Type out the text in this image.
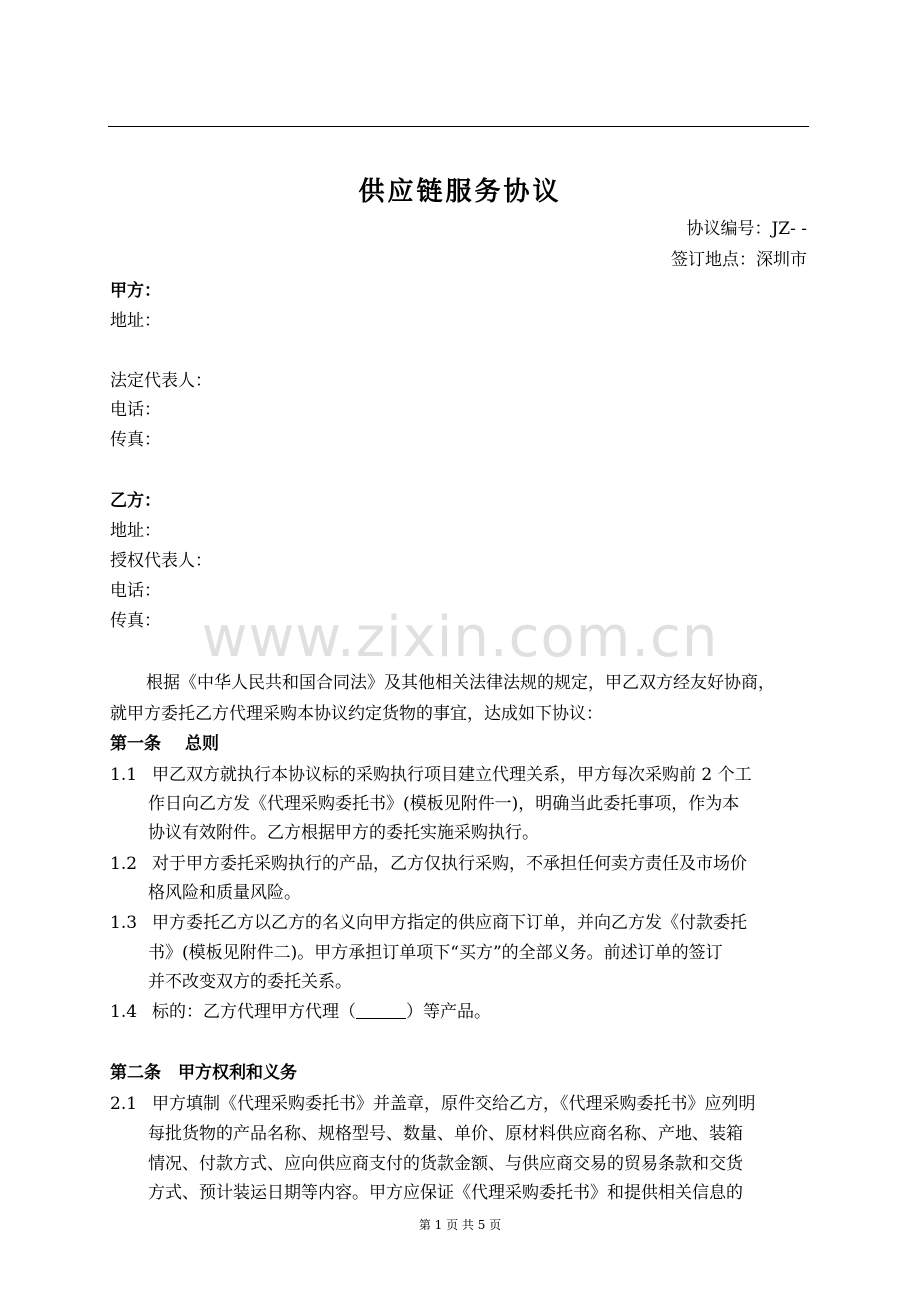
供应链服务协议
协议编号：JZ- -
签订地点：深圳市
甲方：
地址：
法定代表人：
电话：
传真：
乙方：
地址：
授权代表人：
电话：
传真： www.zixin.com.cn
根据《中华人民共和国合同法》及其他相关法律法规的规定，甲乙双方经友好协商，
就甲方委托乙方代理采购本协议约定货物的事宜，达成如下协议：
第一条 总则
1.1 甲乙双方就执行本协议标的采购执行项目建立代理关系，甲方每次采购前 2 个工
作日向乙方发《代理采购委托书》(模板见附件一)，明确当此委托事项，作为本
协议有效附件。乙方根据甲方的委托实施采购执行。
1.2 对于甲方委托采购执行的产品，乙方仅执行采购，不承担任何卖方责任及市场价
格风险和质量风险。
1.3 甲方委托乙方以乙方的名义向甲方指定的供应商下订单，并向乙方发《付款委托
书》(模板见附件二)。甲方承担订单项下“买方”的全部义务。前述订单的签订
并不改变双方的委托关系。
1.4 标的：乙方代理甲方代理（	）等产品。
第二条　甲方权利和义务
2.1 甲方填制《代理采购委托书》并盖章，原件交给乙方，《代理采购委托书》应列明
每批货物的产品名称、规格型号、数量、单价、原材料供应商名称、产地、装箱
情况、付款方式、应向供应商支付的货款金额、与供应商交易的贸易条款和交货
方式、预计装运日期等内容。甲方应保证《代理采购委托书》和提供相关信息的
第 1 页 共 5 页
